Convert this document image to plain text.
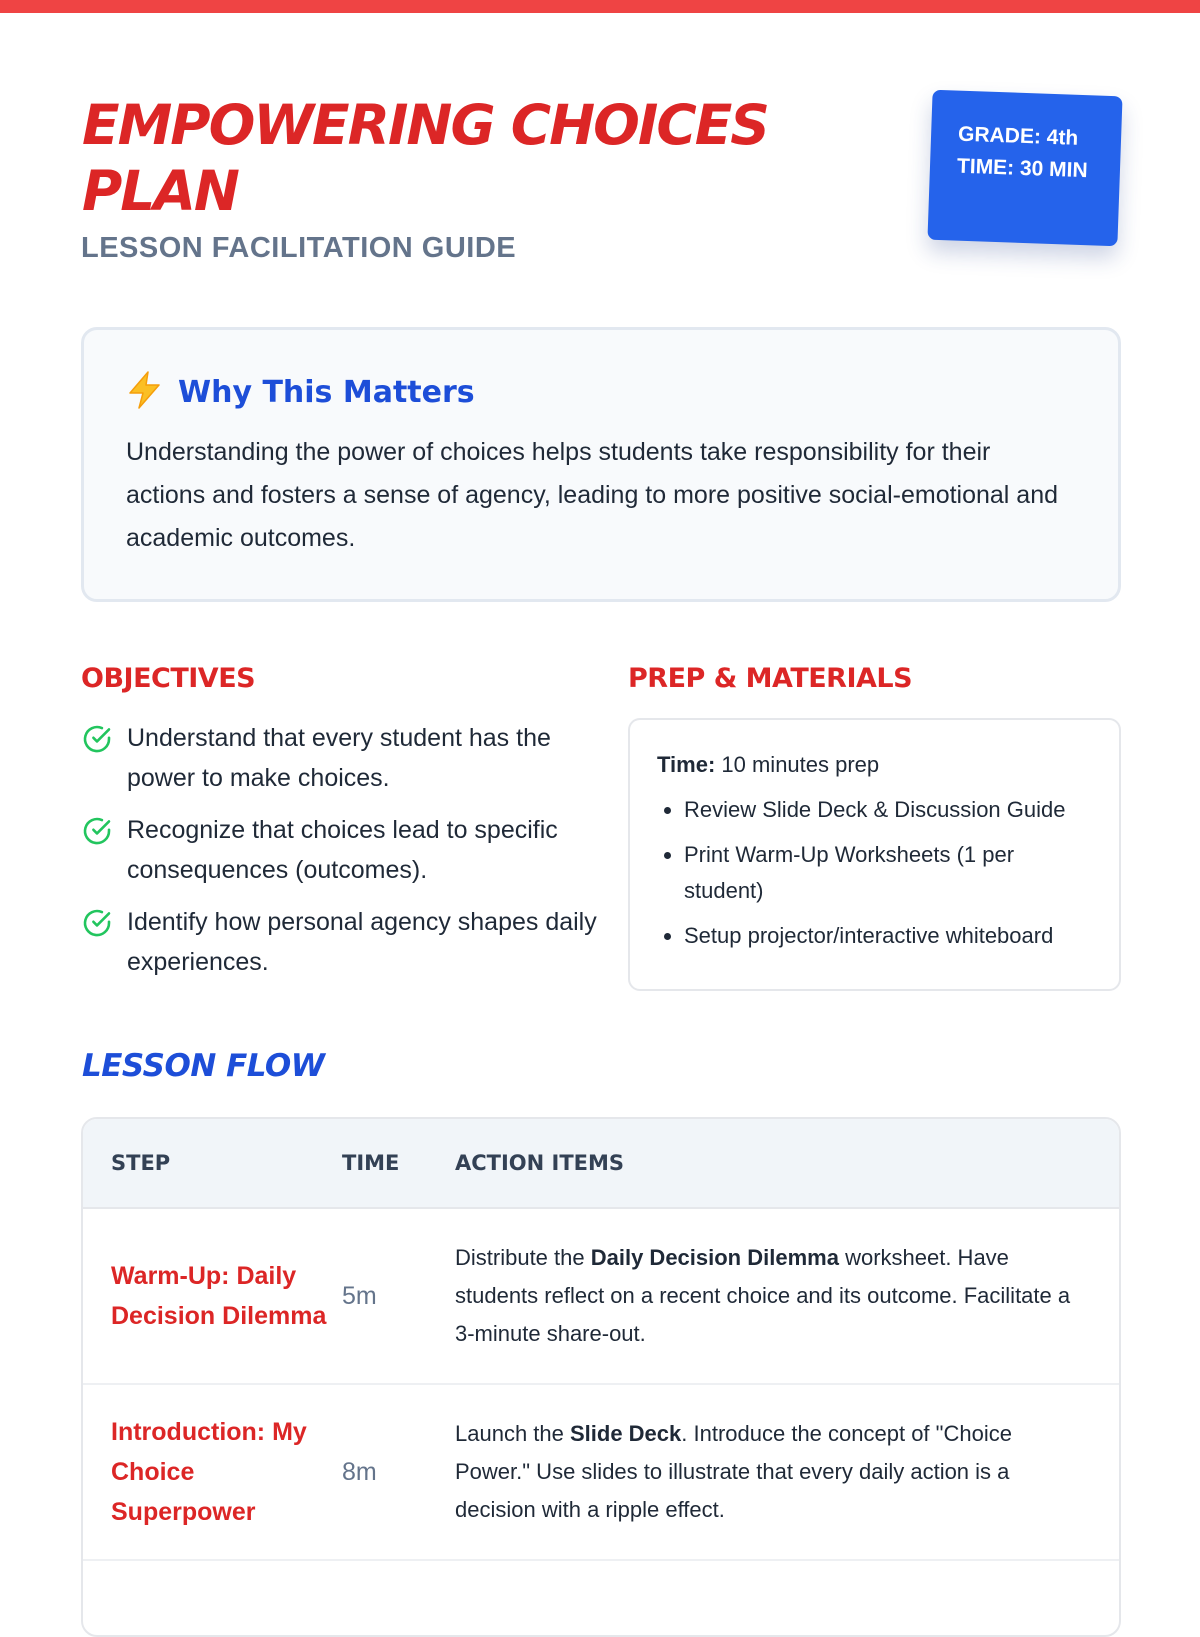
EMPOWERING CHOICES PLAN
LESSON FACILITATION GUIDE
GRADE: 4th
TIME: 30 MIN
Why This Matters

Understanding the power of choices helps students take responsibility for their actions and fosters a sense of agency, leading to more positive social-emotional and academic outcomes.

OBJECTIVES
Understand that every student has the power to make choices.
Recognize that choices lead to specific consequences (outcomes).
Identify how personal agency shapes daily experiences.
PREP & MATERIALS

Time: 10 minutes prep

• Review Slide Deck & Discussion Guide
• Print Warm-Up Worksheets (1 per student)
• Setup projector/interactive whiteboard
LESSON FLOW
STEP	TIME	ACTION ITEMS
Warm-Up: Daily Decision Dilemma
5m
Distribute the Daily Decision Dilemma worksheet. Have students reflect on a recent choice and its outcome. Facilitate a 3-minute share-out.
Introduction: My Choice Superpower
8m
Launch the Slide Deck. Introduce the concept of "Choice Power." Use slides to illustrate that every daily action is a decision with a ripple effect.
